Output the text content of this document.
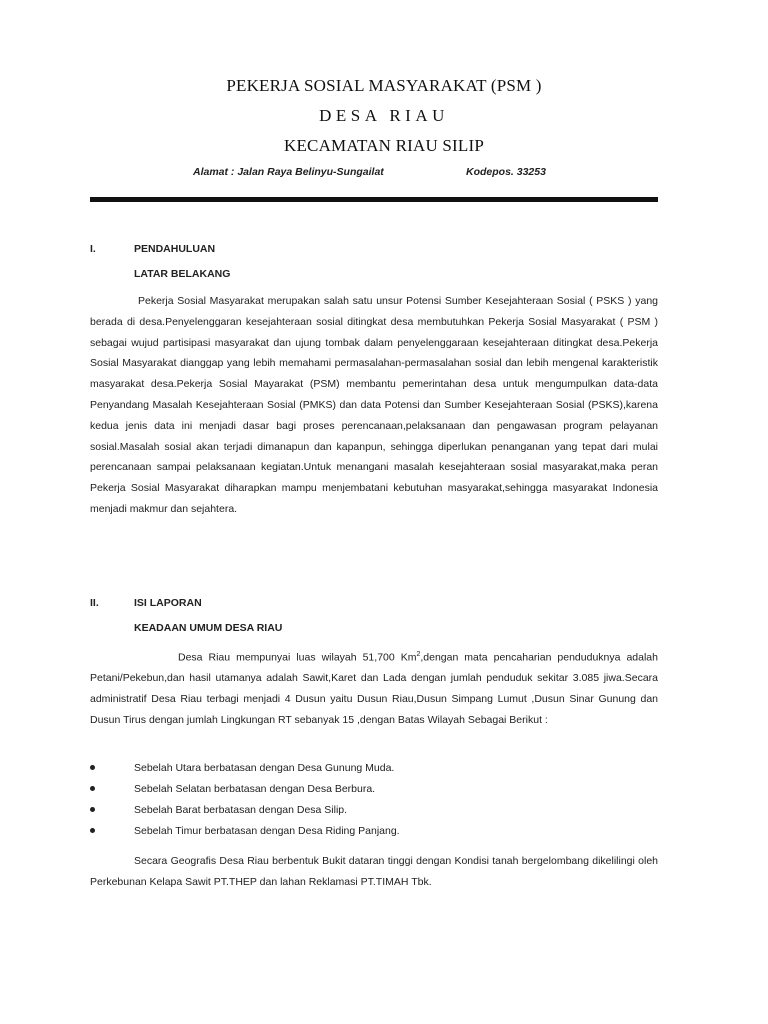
PEKERJA SOSIAL MASYARAKAT (PSM )
DESA RIAU
KECAMATAN RIAU SILIP
Alamat : Jalan Raya Belinyu-Sungailat	Kodepos. 33253
I.	PENDAHULUAN
LATAR BELAKANG

Pekerja Sosial Masyarakat merupakan salah satu unsur Potensi Sumber Kesejahteraan Sosial ( PSKS ) yang berada di desa.Penyelenggaran kesejahteraan sosial ditingkat desa membutuhkan Pekerja Sosial Masyarakat ( PSM ) sebagai wujud partisipasi masyarakat dan ujung tombak dalam penyelenggaraan kesejahteraan ditingkat desa.Pekerja Sosial Masyarakat dianggap yang lebih memahami permasalahan-permasalahan sosial dan lebih mengenal karakteristik masyarakat desa.Pekerja Sosial Mayarakat (PSM) membantu pemerintahan desa untuk mengumpulkan data-data Penyandang Masalah Kesejahteraan Sosial (PMKS) dan data Potensi dan Sumber Kesejahteraan Sosial (PSKS),karena kedua jenis data ini menjadi dasar bagi proses perencanaan,pelaksanaan dan pengawasan program pelayanan sosial.Masalah sosial akan terjadi dimanapun dan kapanpun, sehingga diperlukan penanganan yang tepat dari mulai perencanaan sampai pelaksanaan kegiatan.Untuk menangani masalah kesejahteraan sosial masyarakat,maka peran Pekerja Sosial Masyarakat diharapkan mampu menjembatani kebutuhan masyarakat,sehingga masyarakat Indonesia menjadi makmur dan sejahtera.

II.	ISI LAPORAN
KEADAAN UMUM DESA RIAU

Desa Riau mempunyai luas wilayah 51,700 Km$^2$,dengan mata pencaharian penduduknya adalah Petani/Pekebun,dan hasil utamanya adalah Sawit,Karet dan Lada dengan jumlah penduduk sekitar 3.085 jiwa.Secara administratif Desa Riau terbagi menjadi 4 Dusun yaitu Dusun Riau,Dusun Simpang Lumut ,Dusun Sinar Gunung dan Dusun Tirus dengan jumlah Lingkungan RT sebanyak 15 ,dengan Batas Wilayah Sebagai Berikut :

Sebelah Utara berbatasan dengan Desa Gunung Muda.
Sebelah Selatan berbatasan dengan Desa Berbura.
Sebelah Barat berbatasan dengan Desa Silip.
Sebelah Timur berbatasan dengan Desa Riding Panjang.

Secara Geografis Desa Riau berbentuk Bukit dataran tinggi dengan Kondisi tanah bergelombang dikelilingi oleh Perkebunan Kelapa Sawit PT.THEP dan lahan Reklamasi PT.TIMAH Tbk.
